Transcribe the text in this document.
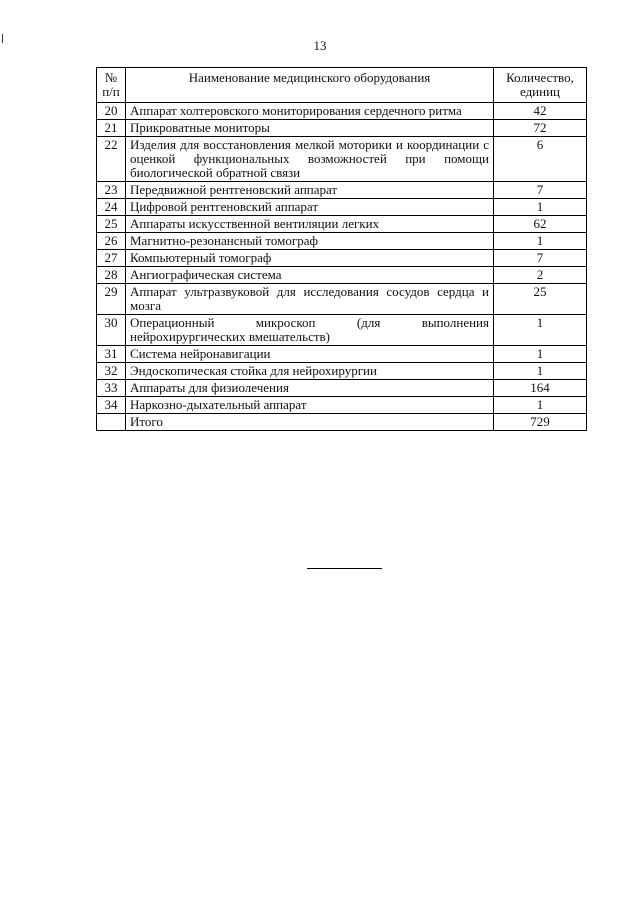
13
№ п/п	Наименование медицинского оборудования	Количество, единиц
20	Аппарат холтеровского мониторирования сердечного ритма	42
21	Прикроватные мониторы	72
22	Изделия для восстановления мелкой моторики и координации с оценкой функциональных возможностей при помощи биологической обратной связи	6
23	Передвижной рентгеновский аппарат	7
24	Цифровой рентгеновский аппарат	1
25	Аппараты искусственной вентиляции легких	62
26	Магнитно-резонансный томограф	1
27	Компьютерный томограф	7
28	Ангиографическая система	2
29	Аппарат ультразвуковой для исследования сосудов сердца и мозга	25
30	Операционный микроскоп (для выполнения нейрохирургических вмешательств)	1
31	Система нейронавигации	1
32	Эндоскопическая стойка для нейрохирургии	1
33	Аппараты для физиолечения	164
34	Наркозно-дыхательный аппарат	1
	Итого	729
